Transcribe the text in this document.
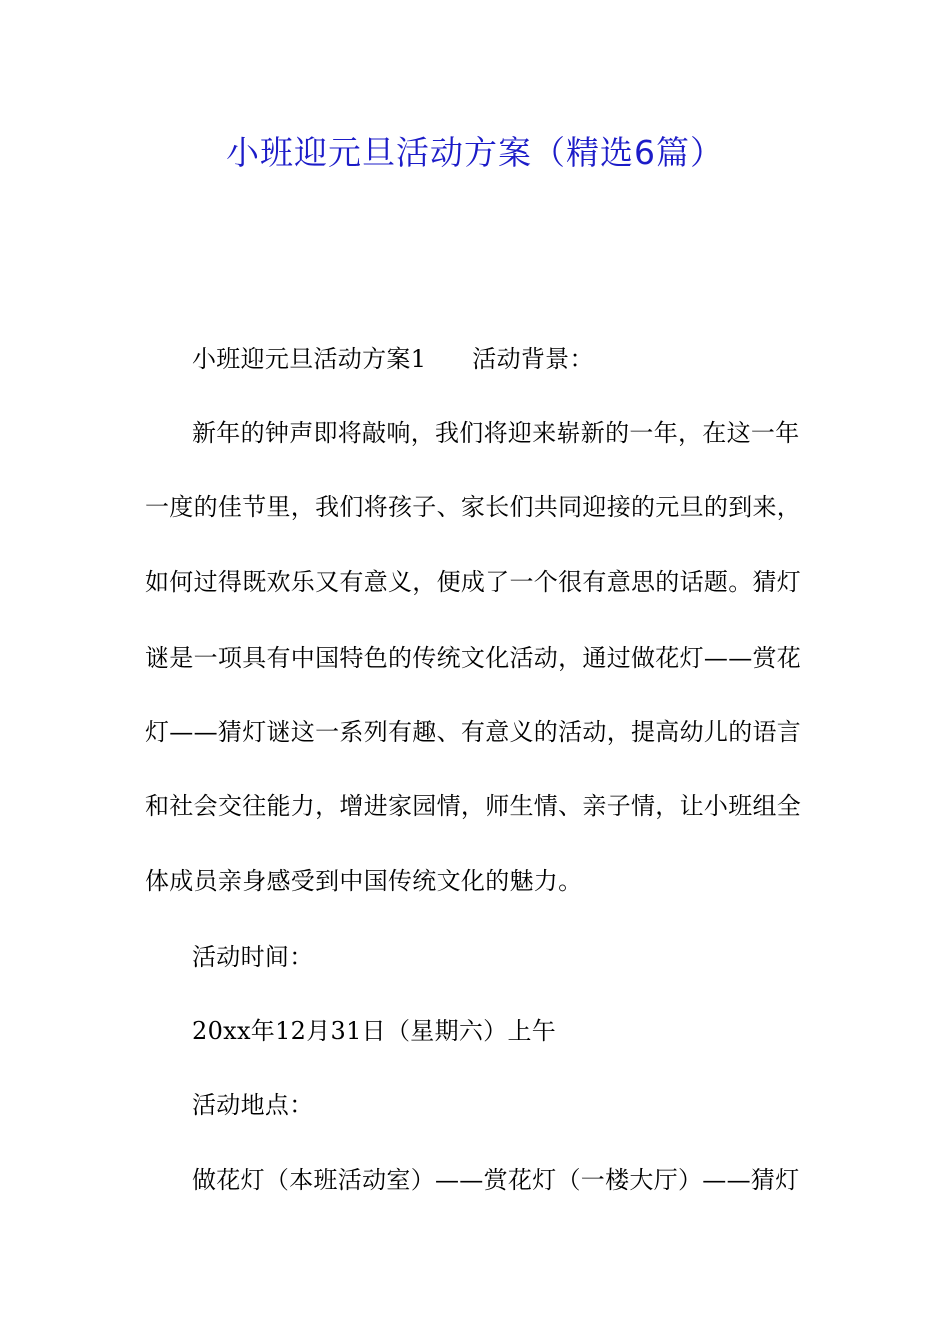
小班迎元旦活动方案（精选6篇）
小班迎元旦活动方案1 活动背景：
新年的钟声即将敲响，我们将迎来崭新的一年，在这一年
一度的佳节里，我们将孩子、家长们共同迎接的元旦的到来，
如何过得既欢乐又有意义，便成了一个很有意思的话题。猜灯
谜是一项具有中国特色的传统文化活动，通过做花灯——赏花
灯——猜灯谜这一系列有趣、有意义的活动，提高幼儿的语言
和社会交往能力，增进家园情，师生情、亲子情，让小班组全
体成员亲身感受到中国传统文化的魅力。
活动时间：
20xx年12月31日（星期六）上午
活动地点：
做花灯（本班活动室）——赏花灯（一楼大厅）——猜灯
